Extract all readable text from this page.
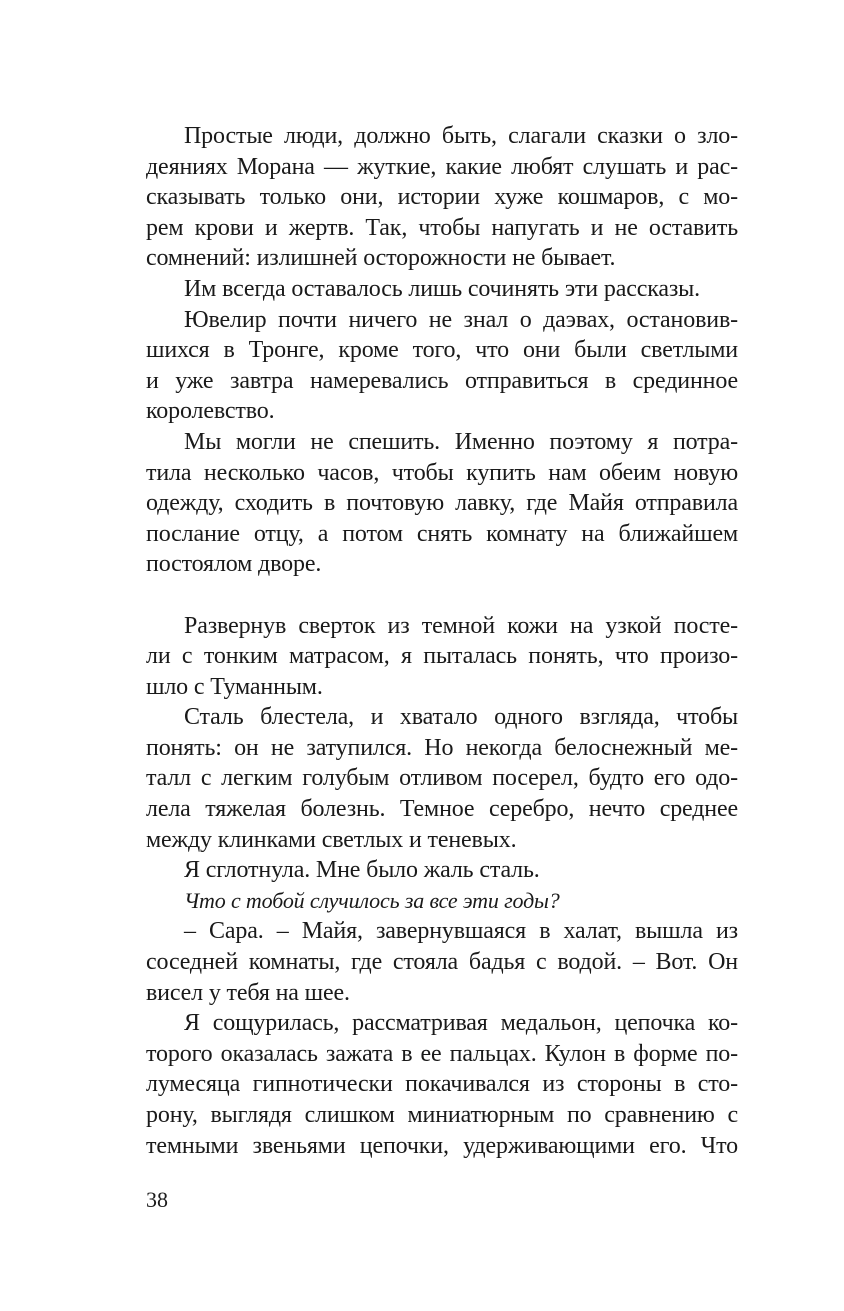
Простые люди, должно быть, слагали сказки о зло-
деяниях Морана — жуткие, какие любят слушать и рас-
сказывать только они, истории хуже кошмаров, с мо-
рем крови и жертв. Так, чтобы напугать и не оставить
сомнений: излишней осторожности не бывает.
Им всегда оставалось лишь сочинять эти рассказы.
Ювелир почти ничего не знал о даэвах, остановив-
шихся в Тронге, кроме того, что они были светлыми
и уже завтра намеревались отправиться в срединное
королевство.
Мы могли не спешить. Именно поэтому я потра-
тила несколько часов, чтобы купить нам обеим новую
одежду, сходить в почтовую лавку, где Майя отправила
послание отцу, а потом снять комнату на ближайшем
постоялом дворе.
Развернув сверток из темной кожи на узкой посте-
ли с тонким матрасом, я пыталась понять, что произо-
шло с Туманным.
Сталь блестела, и хватало одного взгляда, чтобы
понять: он не затупился. Но некогда белоснежный ме-
талл с легким голубым отливом посерел, будто его одо-
лела тяжелая болезнь. Темное серебро, нечто среднее
между клинками светлых и теневых.
Я сглотнула. Мне было жаль сталь.
Что с тобой случилось за все эти годы?
– Сара. – Майя, завернувшаяся в халат, вышла из
соседней комнаты, где стояла бадья с водой. – Вот. Он
висел у тебя на шее.
Я сощурилась, рассматривая медальон, цепочка ко-
торого оказалась зажата в ее пальцах. Кулон в форме по-
лумесяца гипнотически покачивался из стороны в сто-
рону, выглядя слишком миниатюрным по сравнению с
темными звеньями цепочки, удерживающими его. Что
38
